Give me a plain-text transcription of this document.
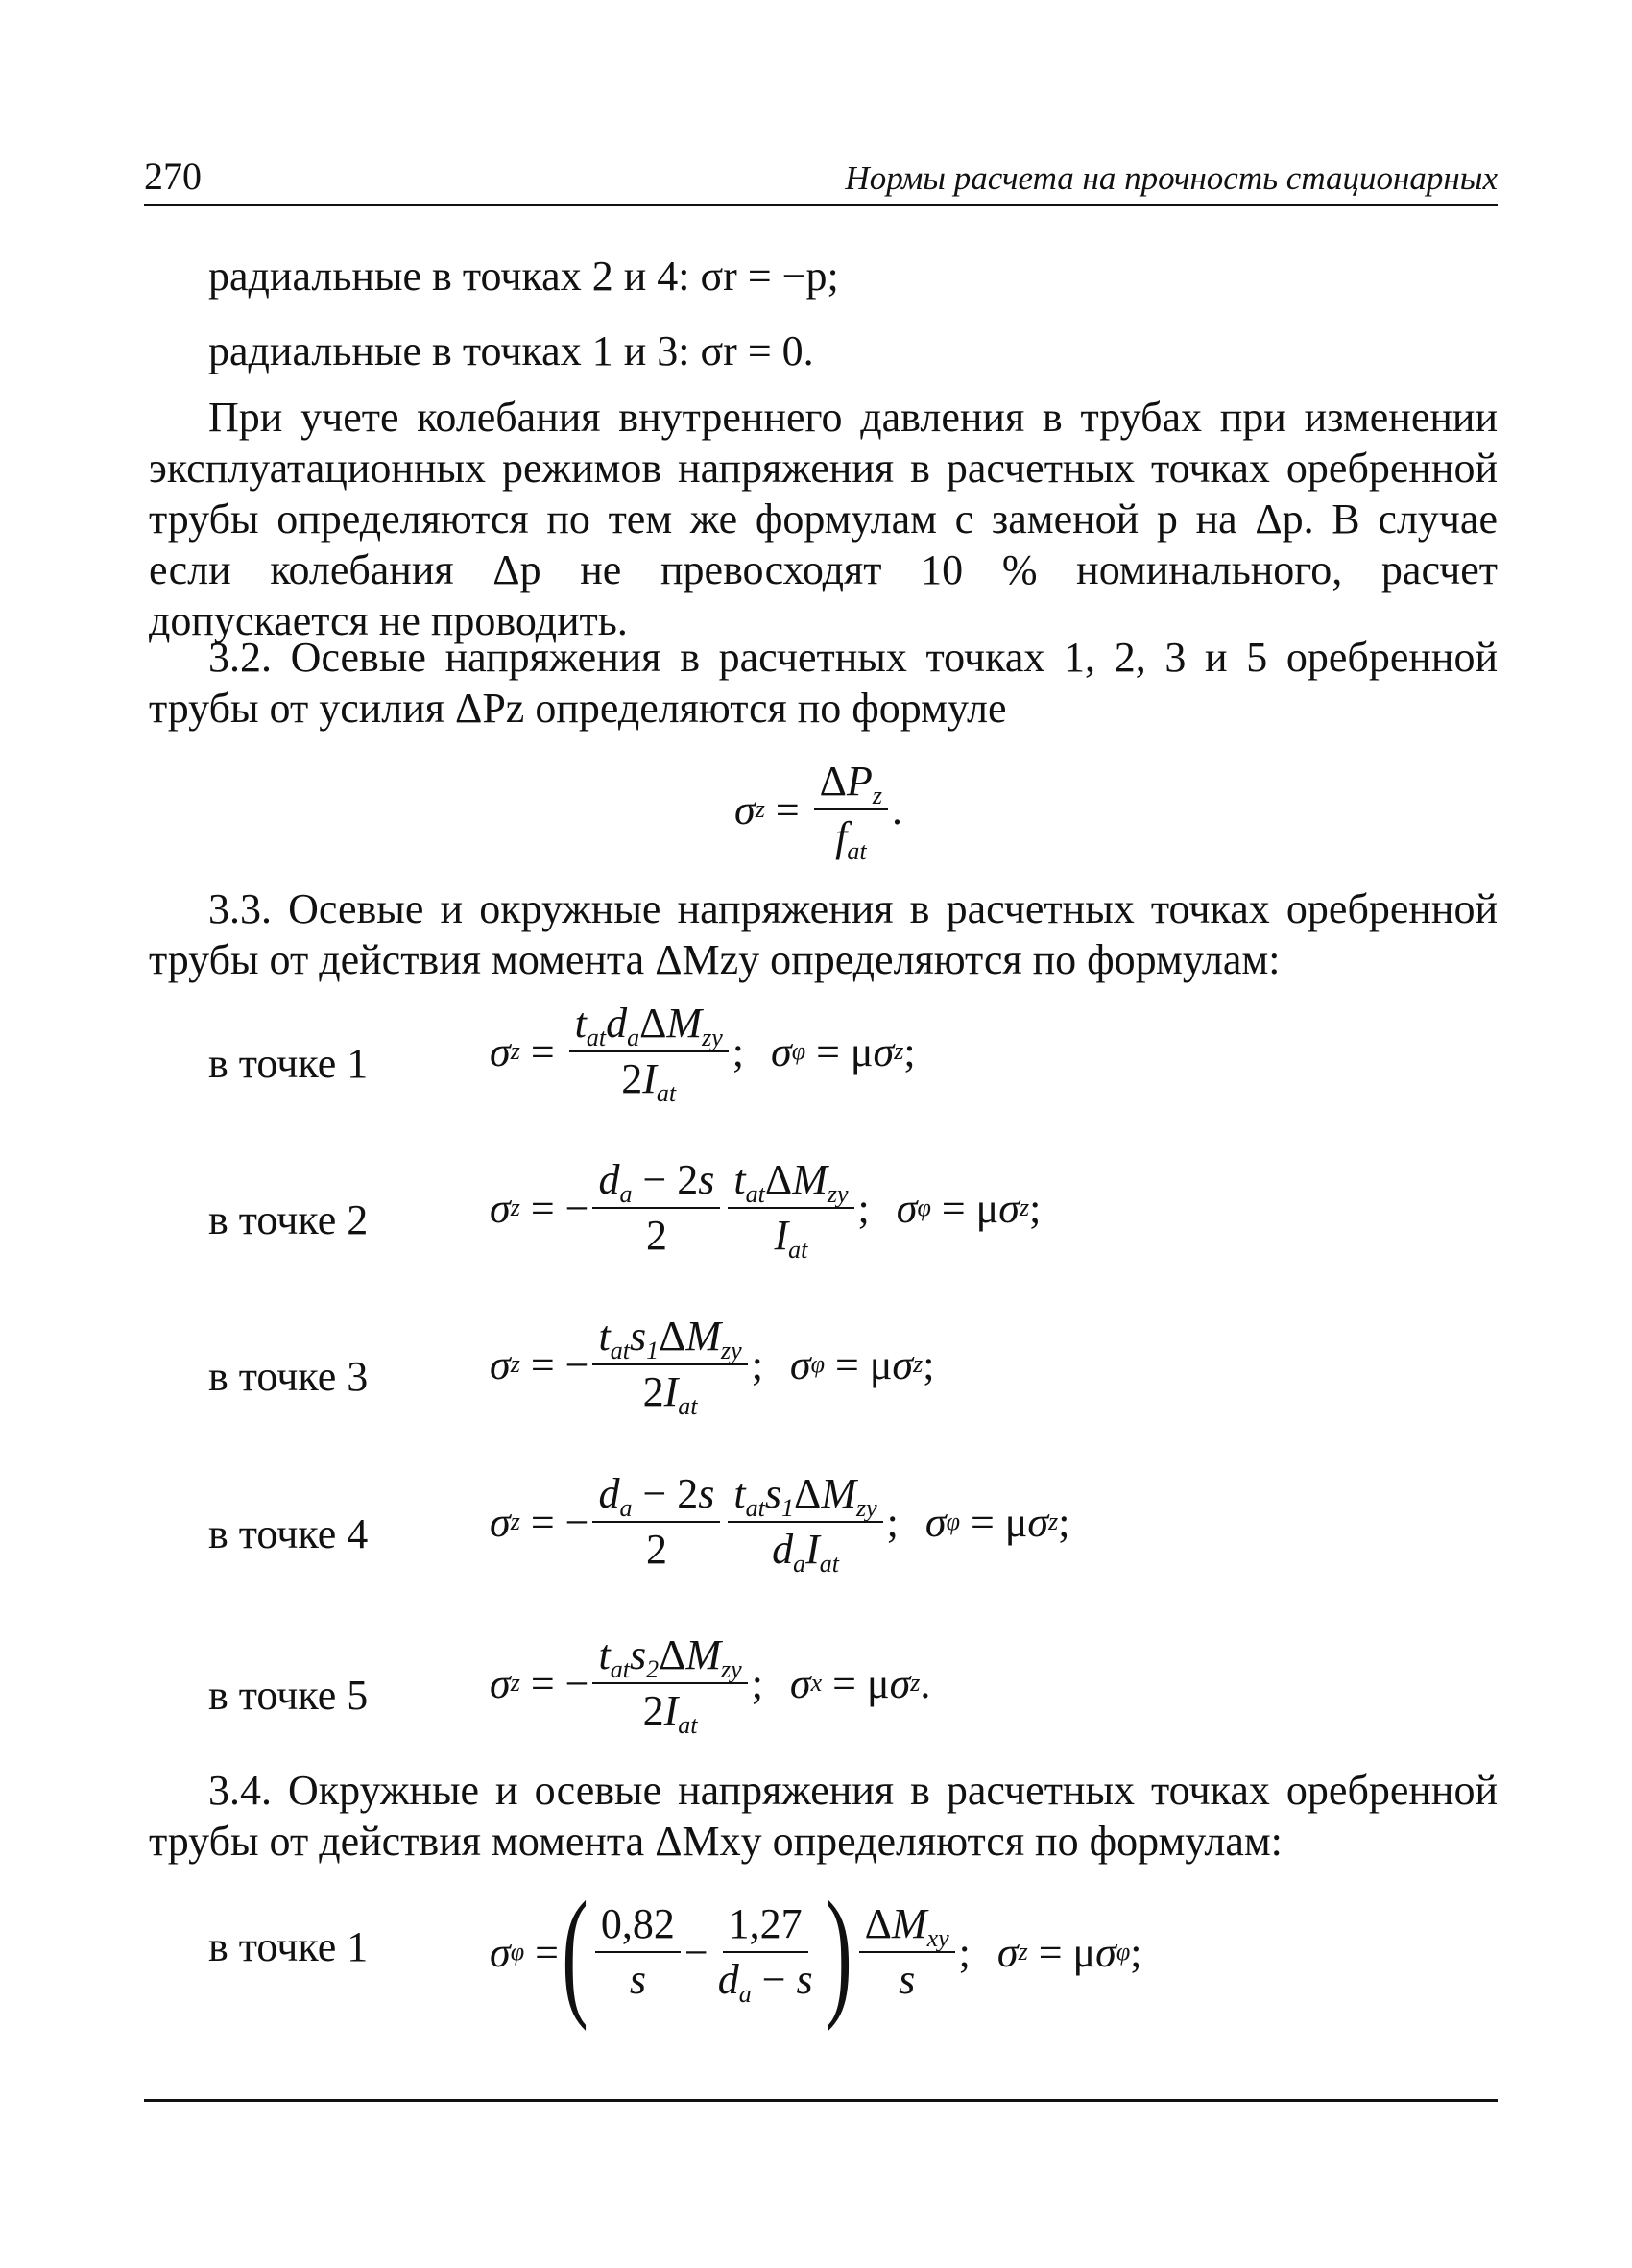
270	Нормы расчета на прочность стационарных
радиальные в точках 2 и 4: σr = −p;
радиальные в точках 1 и 3: σr = 0.
При учете колебания внутреннего давления в трубах при изменении эксплуатационных режимов напряжения в расчетных точках оребренной трубы определяются по тем же формулам с заменой p на Δp. В случае если колебания Δp не превосходят 10 % номинального, расчет допускается не проводить.
3.2. Осевые напряжения в расчетных точках 1, 2, 3 и 5 оребренной трубы от усилия ΔPz определяются по формуле
σ $z = \frac{\Delta P_z}{f_{at}}$ .
3.3. Осевые и окружные напряжения в расчетных точках оребренной трубы от действия момента ΔMzy определяются по формулам:
в точке 1	σ $z = \frac{t_{at}d_a\Delta M_{zy}}{2I_{at}}$ ; σ φ = μ σ z ;
в точке 2	σ z = − $\frac{d_a - 2s}{2} \frac{t_{at}\Delta M_{zy}}{I_{at}}$ ; σ φ = μ σ z ;
в точке 3	σ z = − $\frac{t_{at}s_1\Delta M_{zy}}{2I_{at}}$ ; σ φ = μ σ z ;
в точке 4	σ z = − $\frac{d_a - 2s}{2} \frac{t_{at}s_1\Delta M_{zy}}{d_aI_{at}}$ ; σ φ = μ σ z ;
в точке 5	σ z = − $\frac{t_{at}s_2\Delta M_{zy}}{2I_{at}}$ ; σ x = μ σ z .
3.4. Окружные и осевые напряжения в расчетных точках оребренной трубы от действия момента ΔMxy определяются по формулам:
в точке 1	σ φ = ( $\frac{0,82}{s} - \frac{1,27}{d_a - s}$ ) $\frac{\Delta M_{xy}}{s}$ ; σ z = μ σ φ ;
